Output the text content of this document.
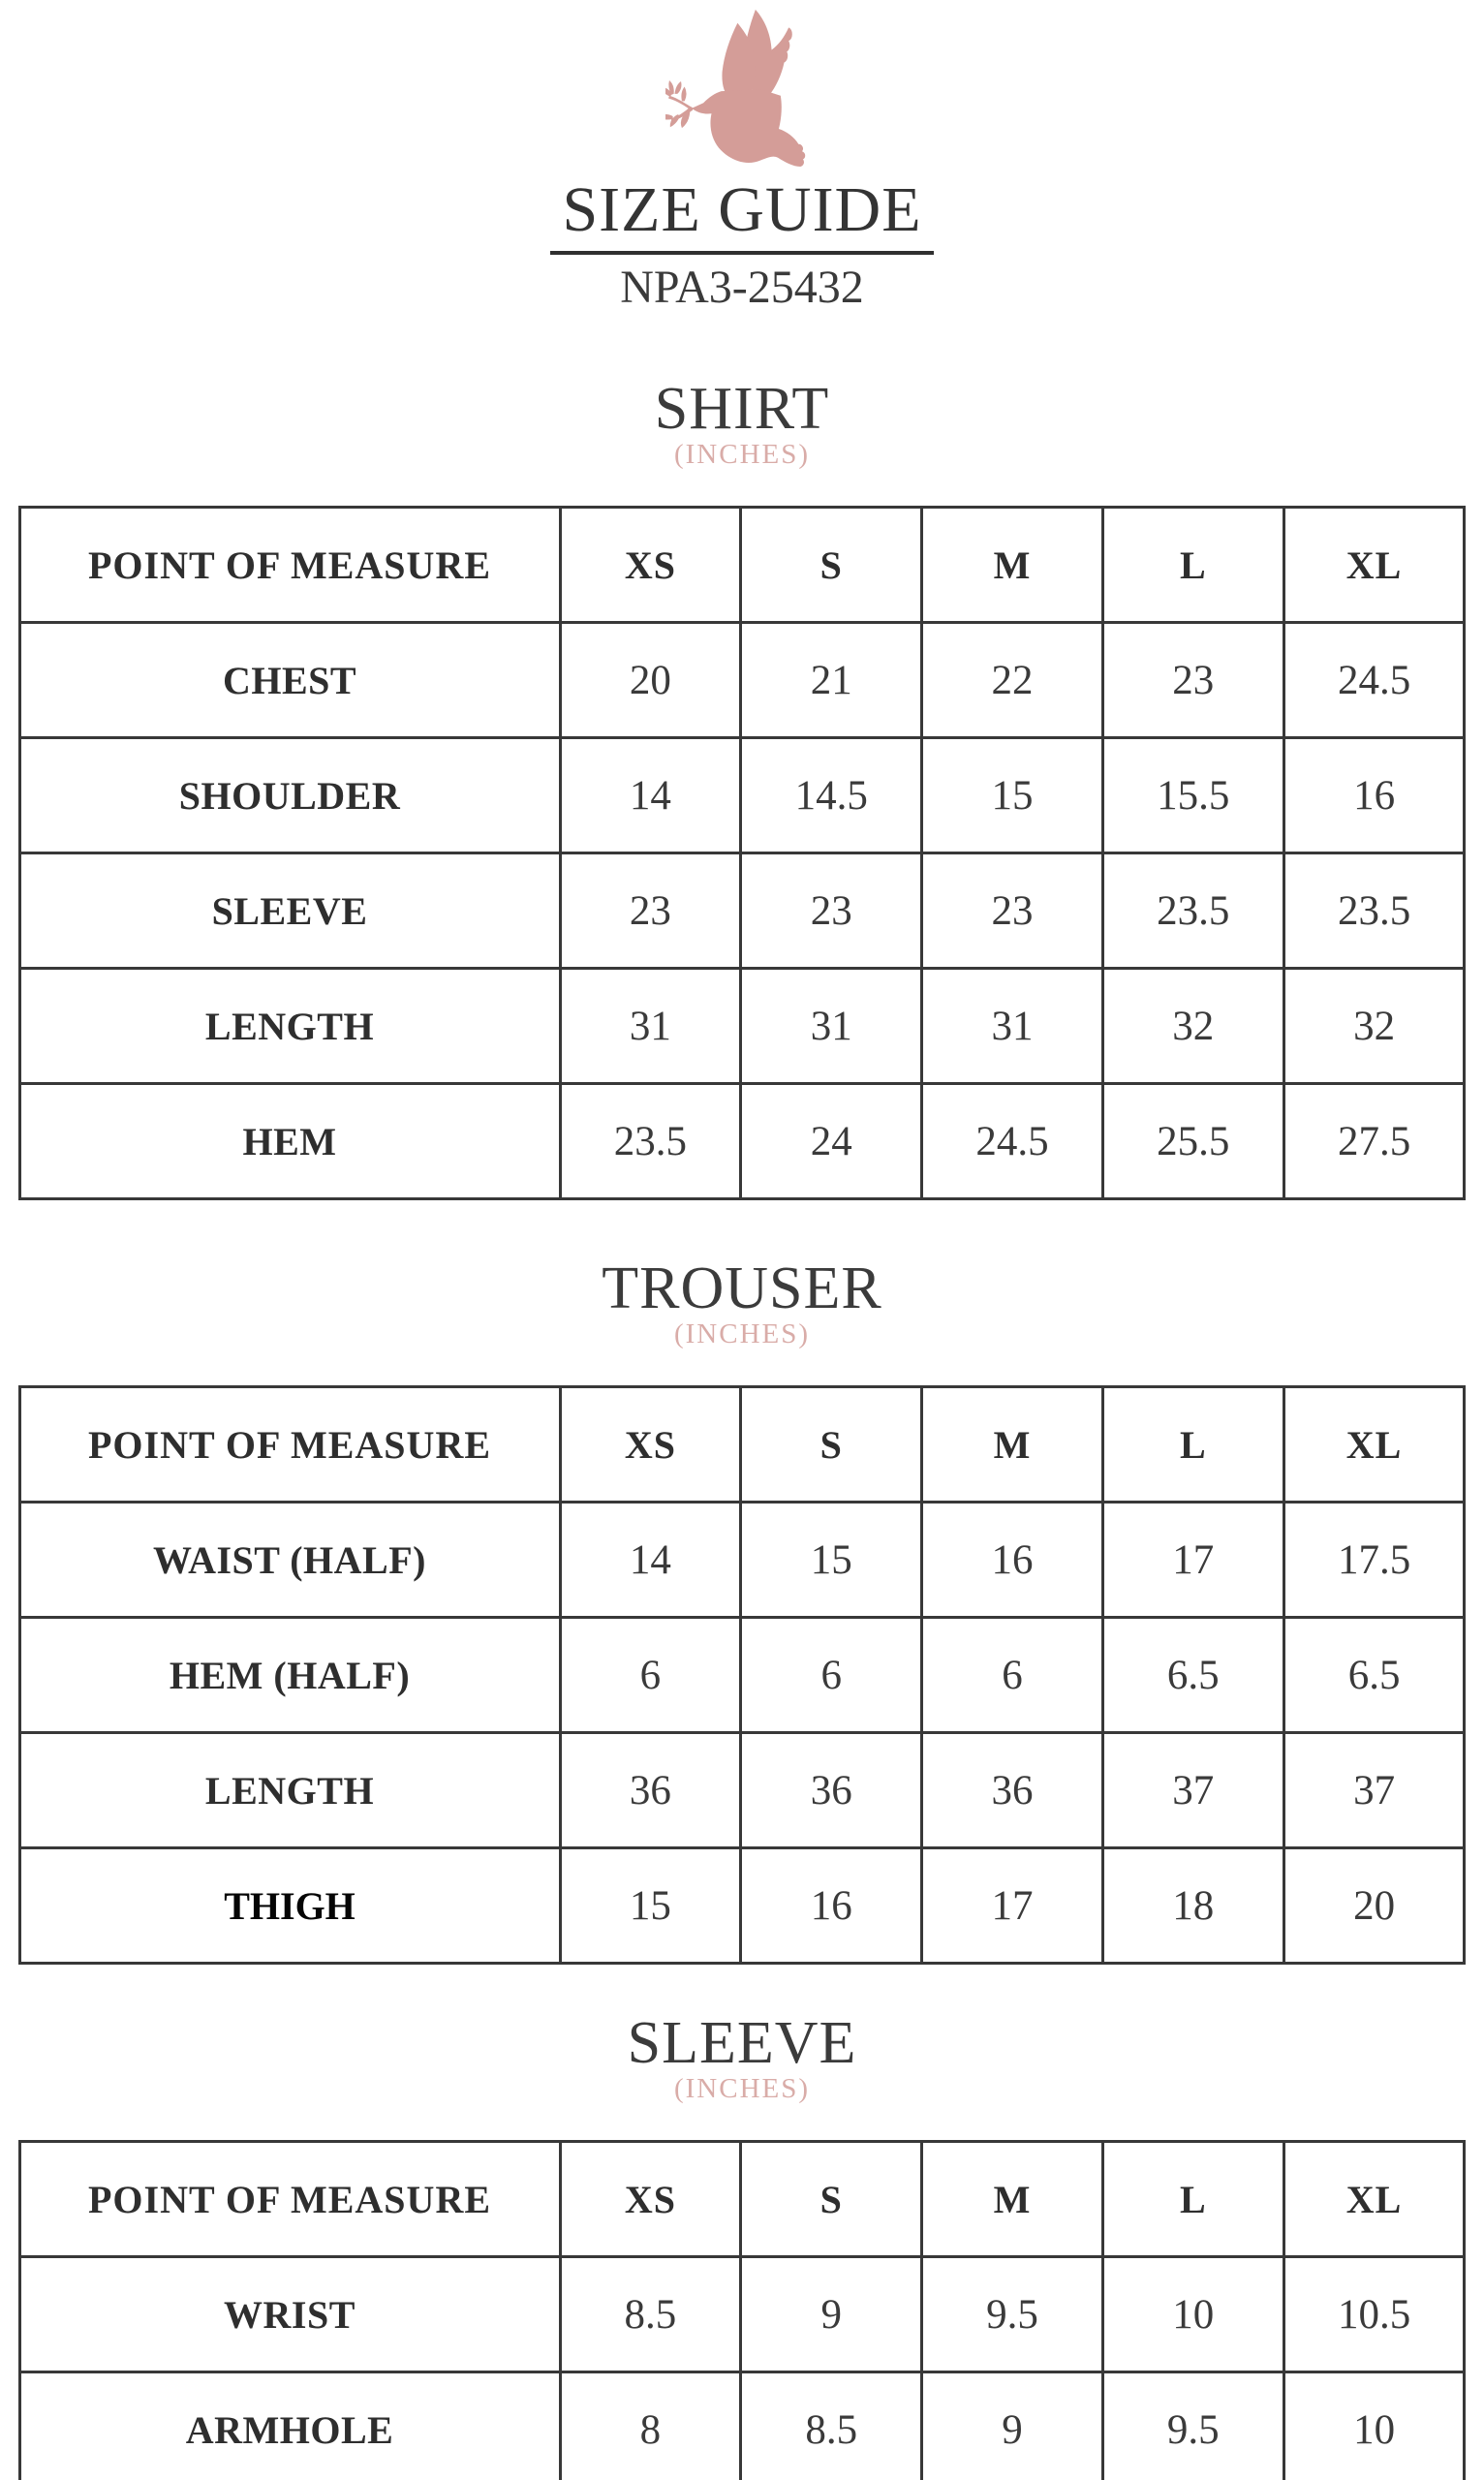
SIZE GUIDE
NPA3-25432
SHIRT
(INCHES)
POINT OF MEASURE	XS	S	M	L	XL
CHEST	20	21	22	23	24.5
SHOULDER	14	14.5	15	15.5	16
SLEEVE	23	23	23	23.5	23.5
LENGTH	31	31	31	32	32
HEM	23.5	24	24.5	25.5	27.5
TROUSER
(INCHES)
POINT OF MEASURE	XS	S	M	L	XL
WAIST (HALF)	14	15	16	17	17.5
HEM (HALF)	6	6	6	6.5	6.5
LENGTH	36	36	36	37	37
THIGH	15	16	17	18	20
SLEEVE
(INCHES)
POINT OF MEASURE	XS	S	M	L	XL
WRIST	8.5	9	9.5	10	10.5
ARMHOLE	8	8.5	9	9.5	10
